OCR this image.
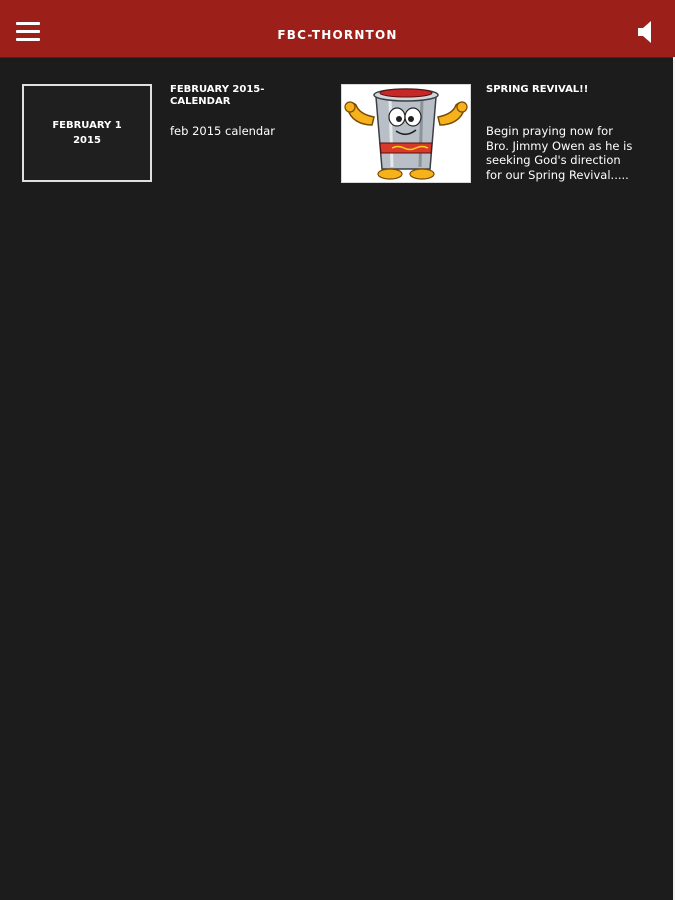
FBC-THORNTON
FEBRUARY 1
2015
FEBRUARY 2015- CALENDAR
feb 2015 calendar
SPRING REVIVAL!!
Begin praying now for Bro. Jimmy Owen as he is seeking God's direction for our Spring Revival.....
